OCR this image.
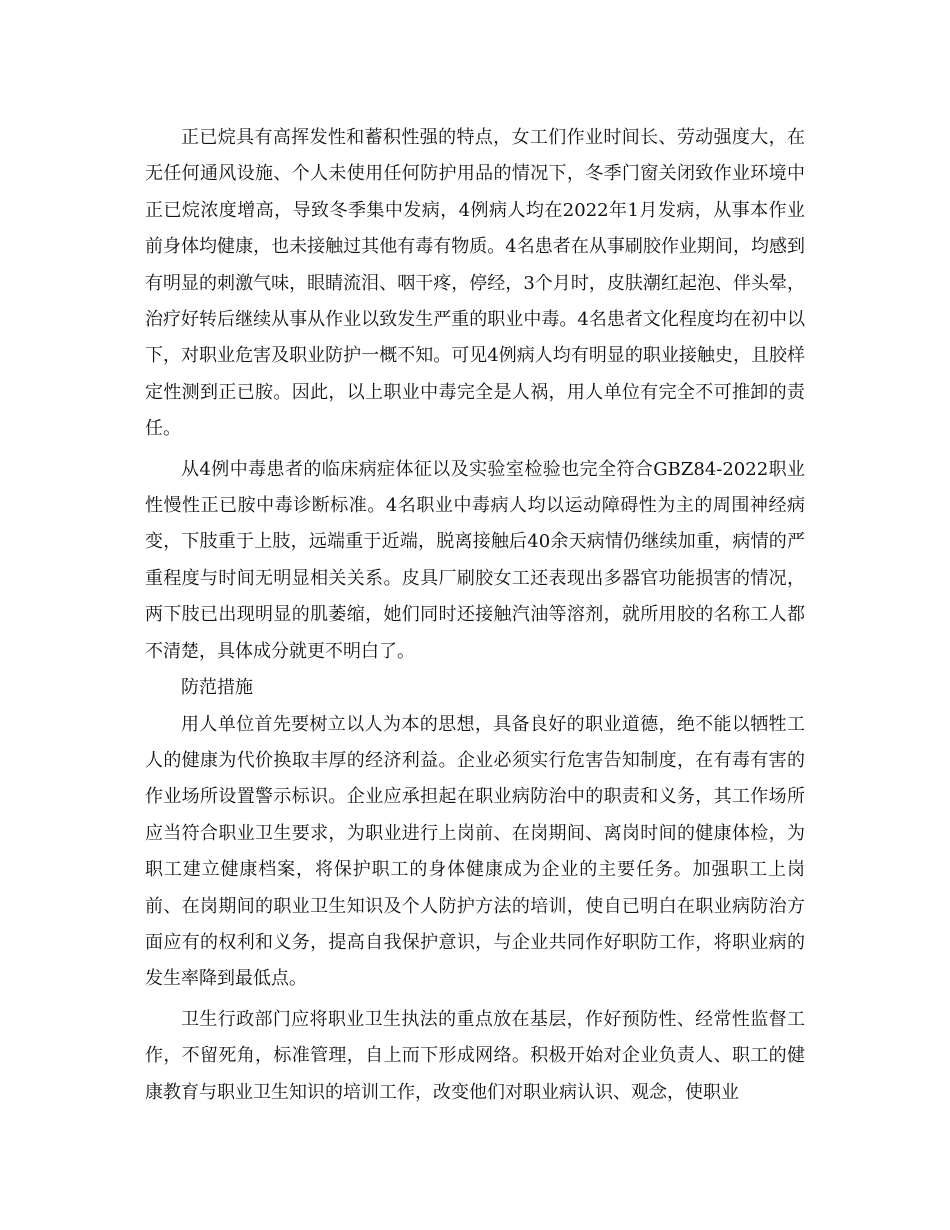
正已烷具有高挥发性和蓄积性强的特点，女工们作业时间长、劳动强度大，在无任何通风设施、个人未使用任何防护用品的情况下，冬季门窗关闭致作业环境中正已烷浓度增高，导致冬季集中发病，4例病人均在2022年1月发病，从事本作业前身体均健康，也未接触过其他有毒有物质。4名患者在从事刷胶作业期间，均感到有明显的刺激气味，眼睛流泪、咽干疼，停经，3个月时，皮肤潮红起泡、伴头晕，治疗好转后继续从事从作业以致发生严重的职业中毒。4名患者文化程度均在初中以下，对职业危害及职业防护一概不知。可见4例病人均有明显的职业接触史，且胶样定性测到正已胺。因此，以上职业中毒完全是人祸，用人单位有完全不可推卸的责任。

从4例中毒患者的临床病症体征以及实验室检验也完全符合GBZ84-2022职业性慢性正已胺中毒诊断标准。4名职业中毒病人均以运动障碍性为主的周围神经病变，下肢重于上肢，远端重于近端，脱离接触后40余天病情仍继续加重，病情的严重程度与时间无明显相关关系。皮具厂刷胶女工还表现出多器官功能损害的情况，两下肢已出现明显的肌萎缩，她们同时还接触汽油等溶剂，就所用胶的名称工人都不清楚，具体成分就更不明白了。

防范措施

用人单位首先要树立以人为本的思想，具备良好的职业道德，绝不能以牺牲工人的健康为代价换取丰厚的经济利益。企业必须实行危害告知制度，在有毒有害的作业场所设置警示标识。企业应承担起在职业病防治中的职责和义务，其工作场所应当符合职业卫生要求，为职业进行上岗前、在岗期间、离岗时间的健康体检，为职工建立健康档案，将保护职工的身体健康成为企业的主要任务。加强职工上岗前、在岗期间的职业卫生知识及个人防护方法的培训，使自已明白在职业病防治方面应有的权利和义务，提高自我保护意识，与企业共同作好职防工作，将职业病的发生率降到最低点。

卫生行政部门应将职业卫生执法的重点放在基层，作好预防性、经常性监督工作，不留死角，标准管理，自上而下形成网络。积极开始对企业负责人、职工的健康教育与职业卫生知识的培训工作，改变他们对职业病认识、观念，使职业
